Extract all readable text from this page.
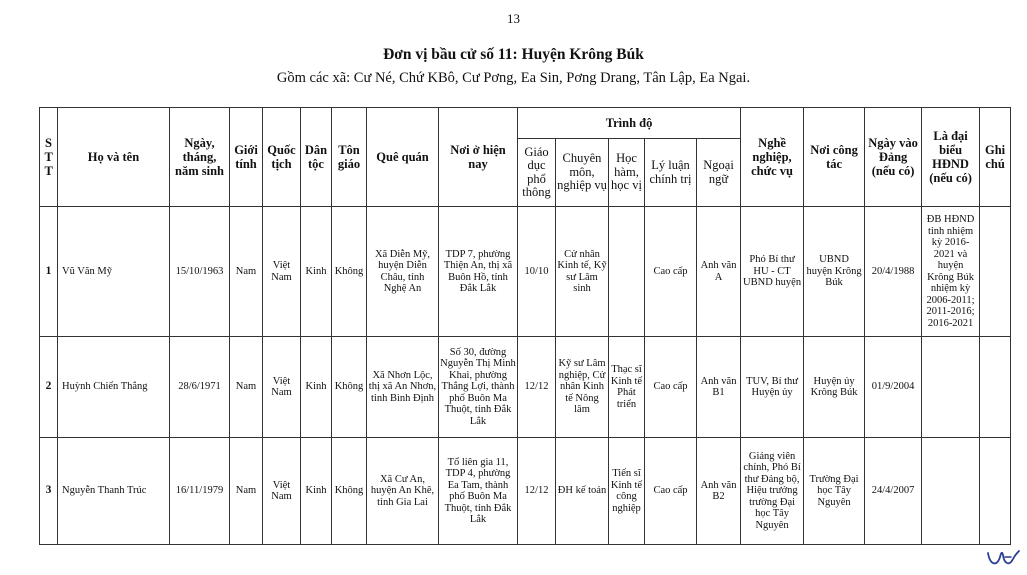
13
Đơn vị bầu cử số 11: Huyện Krông Búk
Gồm các xã: Cư Né, Chứ KBô, Cư Pơng, Ea Sin, Pơng Drang, Tân Lập, Ea Ngai.
S T T	Họ và tên	Ngày, tháng, năm sinh	Giới tính	Quốc tịch	Dân tộc	Tôn giáo	Quê quán	Nơi ở hiện nay	Trình độ					Nghề nghiệp, chức vụ	Nơi công tác	Ngày vào Đảng (nếu có)	Là đại biểu HĐND (nếu có)	Ghi chú
									Giáo dục phổ thông	Chuyên môn, nghiệp vụ	Học hàm, học vị	Lý luận chính trị	Ngoại ngữ					
1	Vũ Văn Mỹ	15/10/1963	Nam	Việt Nam	Kinh	Không	Xã Diễn Mỹ, huyện Diễn Châu, tỉnh Nghệ An	TDP 7, phường Thiện An, thị xã Buôn Hồ, tỉnh Đắk Lắk	10/10	Cử nhân Kinh tế, Kỹ sư Lâm sinh		Cao cấp	Anh văn A	Phó Bí thư HU - CT UBND huyện	UBND huyện Krông Búk	20/4/1988	ĐB HĐND tỉnh nhiệm kỳ 2016-2021 và huyện Krông Búk nhiệm kỳ 2006-2011; 2011-2016; 2016-2021	
2	Huỳnh Chiến Thắng	28/6/1971	Nam	Việt Nam	Kinh	Không	Xã Nhơn Lộc, thị xã An Nhơn, tỉnh Bình Định	Số 30, đường Nguyễn Thị Minh Khai, phường Thắng Lợi, thành phố Buôn Ma Thuột, tỉnh Đắk Lắk	12/12	Kỹ sư Lâm nghiệp, Cử nhân Kinh tế Nông lâm	Thạc sĩ Kinh tế Phát triển	Cao cấp	Anh văn B1	TUV, Bí thư Huyện ủy	Huyện ủy Krông Búk	01/9/2004		
3	Nguyễn Thanh Trúc	16/11/1979	Nam	Việt Nam	Kinh	Không	Xã Cư An, huyện An Khê, tỉnh Gia Lai	Tổ liên gia 11, TDP 4, phường Ea Tam, thành phố Buôn Ma Thuột, tỉnh Đắk Lắk	12/12	ĐH kế toán	Tiến sĩ Kinh tế công nghiệp	Cao cấp	Anh văn B2	Giảng viên chính, Phó Bí thư Đảng bộ, Hiệu trưởng trường Đại học Tây Nguyên	Trường Đại học Tây Nguyên	24/4/2007		
